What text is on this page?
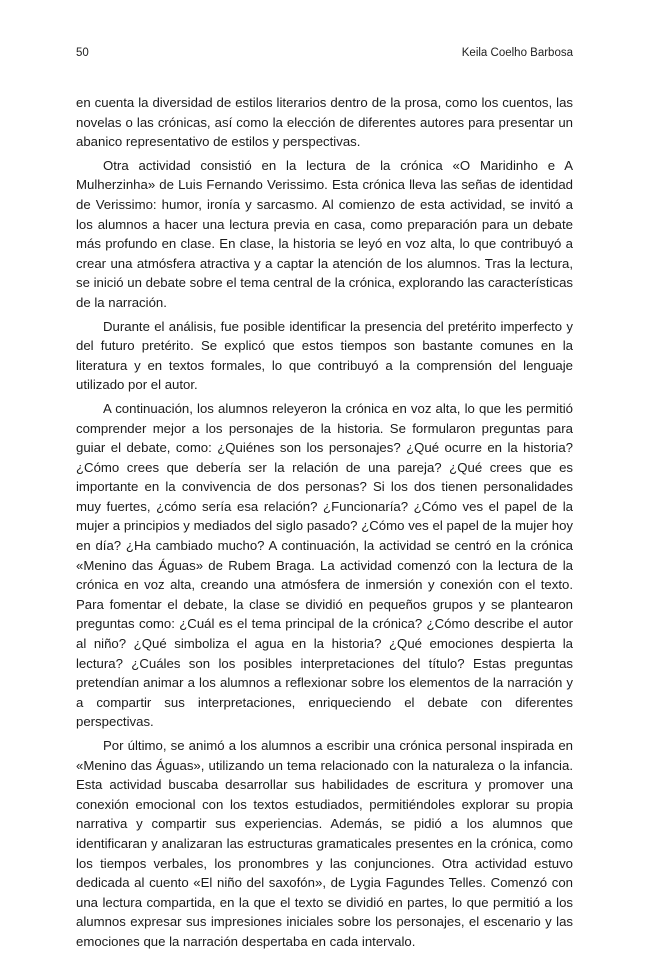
50	Keila Coelho Barbosa

en cuenta la diversidad de estilos literarios dentro de la prosa, como los cuentos, las novelas o las crónicas, así como la elección de diferentes autores para presentar un abanico representativo de estilos y perspectivas.

Otra actividad consistió en la lectura de la crónica «O Maridinho e A Mulherzinha» de Luis Fernando Verissimo. Esta crónica lleva las señas de identidad de Verissimo: humor, ironía y sarcasmo. Al comienzo de esta actividad, se invitó a los alumnos a hacer una lectura previa en casa, como preparación para un debate más profundo en clase. En clase, la historia se leyó en voz alta, lo que contribuyó a crear una atmósfera atractiva y a captar la atención de los alumnos. Tras la lectura, se inició un debate sobre el tema central de la crónica, explorando las características de la narración.

Durante el análisis, fue posible identificar la presencia del pretérito imperfecto y del futuro pretérito. Se explicó que estos tiempos son bastante comunes en la literatura y en textos formales, lo que contribuyó a la comprensión del lenguaje utilizado por el autor.

A continuación, los alumnos releyeron la crónica en voz alta, lo que les permitió comprender mejor a los personajes de la historia. Se formularon preguntas para guiar el debate, como: ¿Quiénes son los personajes? ¿Qué ocurre en la historia? ¿Cómo crees que debería ser la relación de una pareja? ¿Qué crees que es importante en la convivencia de dos personas? Si los dos tienen personalidades muy fuertes, ¿cómo sería esa relación? ¿Funcionaría? ¿Cómo ves el papel de la mujer a principios y mediados del siglo pasado? ¿Cómo ves el papel de la mujer hoy en día? ¿Ha cambiado mucho? A continuación, la actividad se centró en la crónica «Menino das Águas» de Rubem Braga. La actividad comenzó con la lectura de la crónica en voz alta, creando una atmósfera de inmersión y conexión con el texto. Para fomentar el debate, la clase se dividió en pequeños grupos y se plantearon preguntas como: ¿Cuál es el tema principal de la crónica? ¿Cómo describe el autor al niño? ¿Qué simboliza el agua en la historia? ¿Qué emociones despierta la lectura? ¿Cuáles son los posibles interpretaciones del título? Estas preguntas pretendían animar a los alumnos a reflexionar sobre los elementos de la narración y a compartir sus interpretaciones, enriqueciendo el debate con diferentes perspectivas.

Por último, se animó a los alumnos a escribir una crónica personal inspirada en «Menino das Águas», utilizando un tema relacionado con la naturaleza o la infancia. Esta actividad buscaba desarrollar sus habilidades de escritura y promover una conexión emocional con los textos estudiados, permitiéndoles explorar su propia narrativa y compartir sus experiencias. Además, se pidió a los alumnos que identificaran y analizaran las estructuras gramaticales presentes en la crónica, como los tiempos verbales, los pronombres y las conjunciones. Otra actividad estuvo dedicada al cuento «El niño del saxofón», de Lygia Fagundes Telles. Comenzó con una lectura compartida, en la que el texto se dividió en partes, lo que permitió a los alumnos expresar sus impresiones iniciales sobre los personajes, el escenario y las emociones que la narración despertaba en cada intervalo.
